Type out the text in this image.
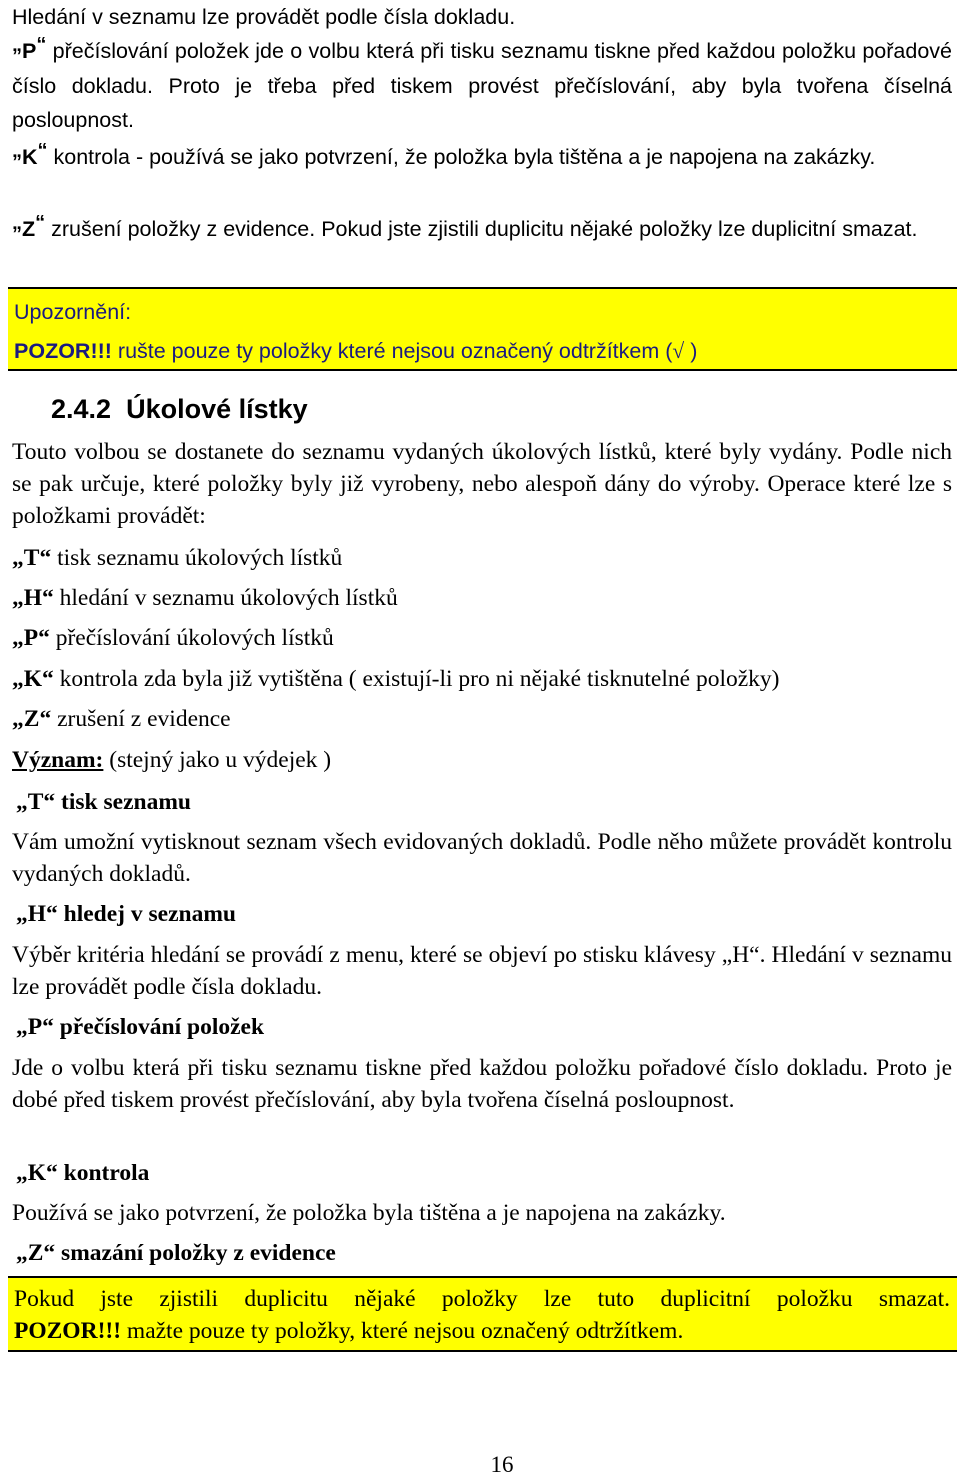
Hledání v seznamu lze provádět podle čísla dokladu.

„P“ přečíslování položek jde o volbu která při tisku seznamu tiskne před každou položku pořadové číslo dokladu. Proto je třeba před tiskem provést přečíslování, aby byla tvořena číselná posloupnost.

„K“ kontrola - používá se jako potvrzení, že položka byla tištěna a je napojena na zakázky.

„Z“ zrušení položky z evidence. Pokud jste zjistili duplicitu nějaké položky lze duplicitní smazat.

Upozornění:

POZOR!!! rušte pouze ty položky které nejsou označený odtržítkem (√ )

2.4.2 Úkolové lístky

Touto volbou se dostanete do seznamu vydaných úkolových lístků, které byly vydány. Podle nich se pak určuje, které položky byly již vyrobeny, nebo alespoň dány do výroby. Operace které lze s položkami provádět:

„T“ tisk seznamu úkolových lístků

„H“ hledání v seznamu úkolových lístků

„P“ přečíslování úkolových lístků

„K“ kontrola zda byla již vytištěna ( existují-li pro ni nějaké tisknutelné položky)

„Z“ zrušení z evidence

Význam: (stejný jako u výdejek )

„T“ tisk seznamu

Vám umožní vytisknout seznam všech evidovaných dokladů. Podle něho můžete provádět kontrolu vydaných dokladů.

„H“ hledej v seznamu

Výběr kritéria hledání se provádí z menu, které se objeví po stisku klávesy „H“. Hledání v seznamu lze provádět podle čísla dokladu.

„P“ přečíslování položek

Jde o volbu která při tisku seznamu tiskne před každou položku pořadové číslo dokladu. Proto je dobé před tiskem provést přečíslování, aby byla tvořena číselná posloupnost.

„K“ kontrola

Používá se jako potvrzení, že položka byla tištěna a je napojena na zakázky.

„Z“ smazání položky z evidence

Pokud jste zjistili duplicitu nějaké položky lze tuto duplicitní položku smazat.

POZOR!!! mažte pouze ty položky, které nejsou označený odtržítkem.

16
